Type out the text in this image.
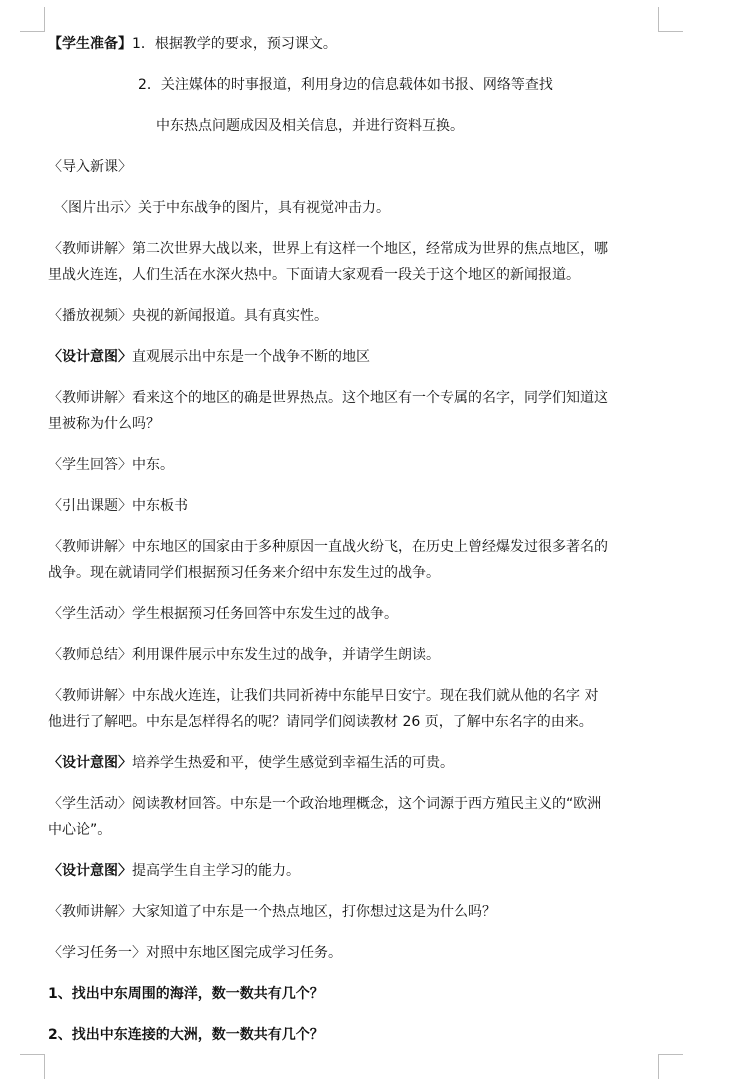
【学生准备】1．根据教学的要求，预习课文。
2．关注媒体的时事报道，利用身边的信息载体如书报、网络等查找
中东热点问题成因及相关信息，并进行资料互换。
〈导入新课〉
〈图片出示〉关于中东战争的图片，具有视觉冲击力。
〈教师讲解〉第二次世界大战以来，世界上有这样一个地区，经常成为世界的焦点地区，哪
里战火连连，人们生活在水深火热中。下面请大家观看一段关于这个地区的新闻报道。
〈播放视频〉央视的新闻报道。具有真实性。
〈设计意图〉直观展示出中东是一个战争不断的地区
〈教师讲解〉看来这个的地区的确是世界热点。这个地区有一个专属的名字，同学们知道这
里被称为什么吗？
〈学生回答〉中东。
〈引出课题〉中东板书
〈教师讲解〉中东地区的国家由于多种原因一直战火纷飞，在历史上曾经爆发过很多著名的
战争。现在就请同学们根据预习任务来介绍中东发生过的战争。
〈学生活动〉学生根据预习任务回答中东发生过的战争。
〈教师总结〉利用课件展示中东发生过的战争，并请学生朗读。
〈教师讲解〉中东战火连连，让我们共同祈祷中东能早日安宁。现在我们就从他的名字 对
他进行了解吧。中东是怎样得名的呢？请同学们阅读教材 26 页，了解中东名字的由来。
〈设计意图〉培养学生热爱和平，使学生感觉到幸福生活的可贵。
〈学生活动〉阅读教材回答。中东是一个政治地理概念，这个词源于西方殖民主义的“欧洲
中心论”。
〈设计意图〉提高学生自主学习的能力。
〈教师讲解〉大家知道了中东是一个热点地区，打你想过这是为什么吗？
〈学习任务一〉对照中东地区图完成学习任务。
1、找出中东周围的海洋，数一数共有几个？
2、找出中东连接的大洲，数一数共有几个？
